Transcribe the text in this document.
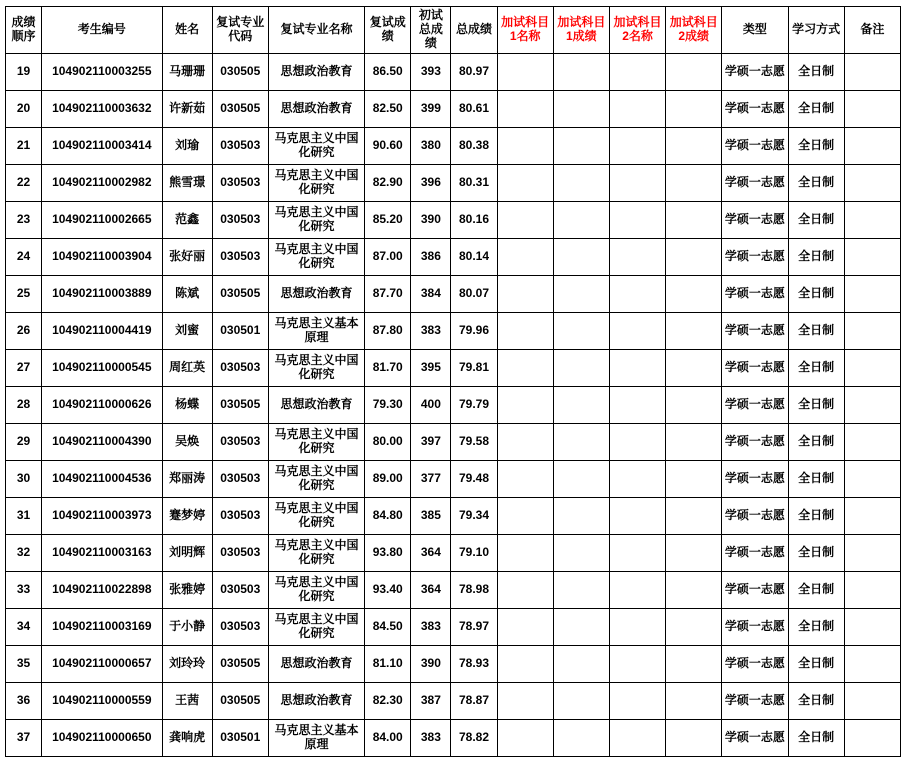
成绩顺序	考生编号	姓名	复试专业代码	复试专业名称	复试成绩	初试总成绩	总成绩	加试科目1名称	加试科目1成绩	加试科目2名称	加试科目2成绩	类型	学习方式	备注
19	104902110003255	马珊珊	030505	思想政治教育	86.50	393	80.97					学硕一志愿	全日制	
20	104902110003632	许新茹	030505	思想政治教育	82.50	399	80.61					学硕一志愿	全日制	
21	104902110003414	刘瑜	030503	马克思主义中国化研究	90.60	380	80.38					学硕一志愿	全日制	
22	104902110002982	熊雪璟	030503	马克思主义中国化研究	82.90	396	80.31					学硕一志愿	全日制	
23	104902110002665	范鑫	030503	马克思主义中国化研究	85.20	390	80.16					学硕一志愿	全日制	
24	104902110003904	张好丽	030503	马克思主义中国化研究	87.00	386	80.14					学硕一志愿	全日制	
25	104902110003889	陈斌	030505	思想政治教育	87.70	384	80.07					学硕一志愿	全日制	
26	104902110004419	刘蜜	030501	马克思主义基本原理	87.80	383	79.96					学硕一志愿	全日制	
27	104902110000545	周红英	030503	马克思主义中国化研究	81.70	395	79.81					学硕一志愿	全日制	
28	104902110000626	杨蝶	030505	思想政治教育	79.30	400	79.79					学硕一志愿	全日制	
29	104902110004390	吴焕	030503	马克思主义中国化研究	80.00	397	79.58					学硕一志愿	全日制	
30	104902110004536	郑丽涛	030503	马克思主义中国化研究	89.00	377	79.48					学硕一志愿	全日制	
31	104902110003973	蹇梦婷	030503	马克思主义中国化研究	84.80	385	79.34					学硕一志愿	全日制	
32	104902110003163	刘明辉	030503	马克思主义中国化研究	93.80	364	79.10					学硕一志愿	全日制	
33	104902110022898	张雅婷	030503	马克思主义中国化研究	93.40	364	78.98					学硕一志愿	全日制	
34	104902110003169	于小静	030503	马克思主义中国化研究	84.50	383	78.97					学硕一志愿	全日制	
35	104902110000657	刘玲玲	030505	思想政治教育	81.10	390	78.93					学硕一志愿	全日制	
36	104902110000559	王茜	030505	思想政治教育	82.30	387	78.87					学硕一志愿	全日制	
37	104902110000650	龚响虎	030501	马克思主义基本原理	84.00	383	78.82					学硕一志愿	全日制	
